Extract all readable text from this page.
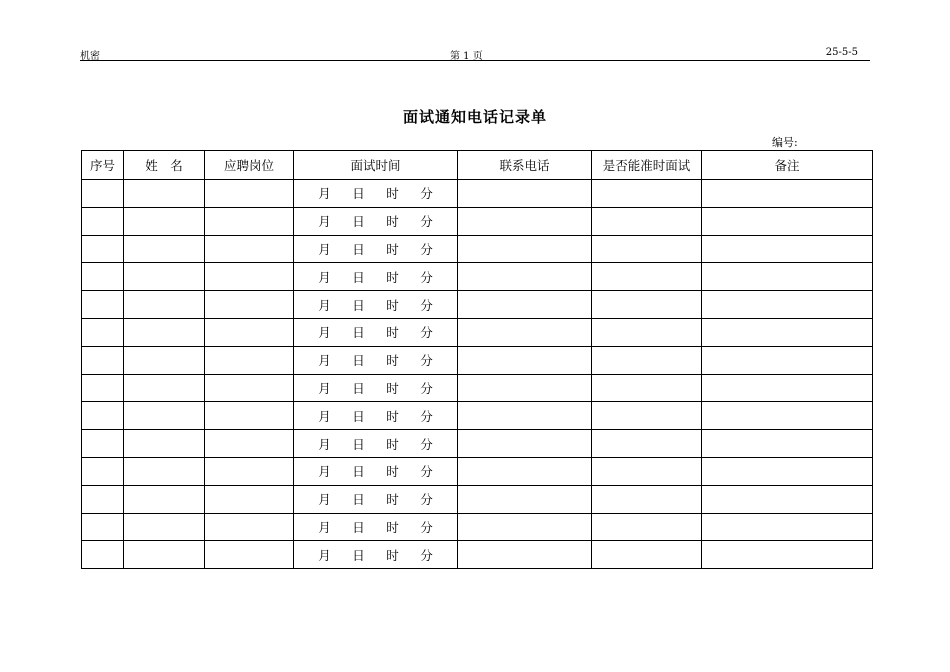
机密	第 1 页	25-5-5
面试通知电话记录单
编号:
序号	姓　名	应聘岗位	面试时间	联系电话	是否能准时面试	备注
			月 日 时 分			
			月 日 时 分			
			月 日 时 分			
			月 日 时 分			
			月 日 时 分			
			月 日 时 分			
			月 日 时 分			
			月 日 时 分			
			月 日 时 分			
			月 日 时 分			
			月 日 时 分			
			月 日 时 分			
			月 日 时 分			
			月 日 时 分			
